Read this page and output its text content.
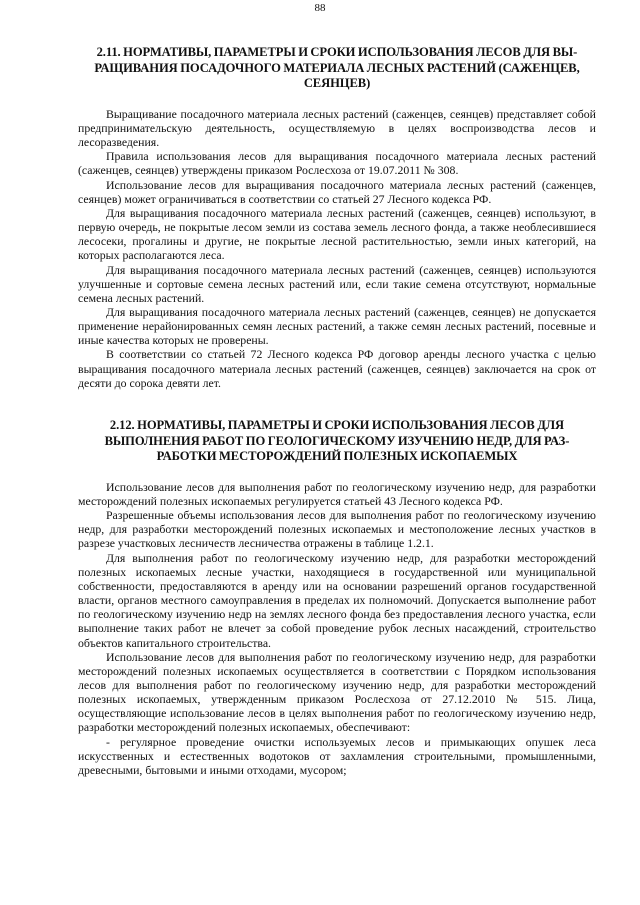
88
2.11. НОРМАТИВЫ, ПАРАМЕТРЫ И СРОКИ ИСПОЛЬЗОВАНИЯ ЛЕСОВ ДЛЯ ВЫРАЩИВАНИЯ ПОСАДОЧНОГО МАТЕРИАЛА ЛЕСНЫХ РАСТЕНИЙ (САЖЕНЦЕВ, СЕЯНЦЕВ)

Выращивание посадочного материала лесных растений (саженцев, сеянцев) представляет собой предпринимательскую деятельность, осуществляемую в целях воспроизводства лесов и лесоразведения.

Правила использования лесов для выращивания посадочного материала лесных растений (саженцев, сеянцев) утверждены приказом Рослесхоза от 19.07.2011 № 308.

Использование лесов для выращивания посадочного материала лесных растений (саженцев, сеянцев) может ограничиваться в соответствии со статьей 27 Лесного кодекса РФ.

Для выращивания посадочного материала лесных растений (саженцев, сеянцев) используют, в первую очередь, не покрытые лесом земли из состава земель лесного фонда, а также необлесившиеся лесосеки, прогалины и другие, не покрытые лесной растительностью, земли иных категорий, на которых располагаются леса.

Для выращивания посадочного материала лесных растений (саженцев, сеянцев) используются улучшенные и сортовые семена лесных растений или, если такие семена отсутствуют, нормальные семена лесных растений.

Для выращивания посадочного материала лесных растений (саженцев, сеянцев) не допускается применение нерайонированных семян лесных растений, а также семян лесных растений, посевные и иные качества которых не проверены.

В соответствии со статьей 72 Лесного кодекса РФ договор аренды лесного участка с целью выращивания посадочного материала лесных растений (саженцев, сеянцев) заключается на срок от десяти до сорока девяти лет.

2.12. НОРМАТИВЫ, ПАРАМЕТРЫ И СРОКИ ИСПОЛЬЗОВАНИЯ ЛЕСОВ ДЛЯ ВЫПОЛНЕНИЯ РАБОТ ПО ГЕОЛОГИЧЕСКОМУ ИЗУЧЕНИЮ НЕДР, ДЛЯ РАЗРАБОТКИ МЕСТОРОЖДЕНИЙ ПОЛЕЗНЫХ ИСКОПАЕМЫХ

Использование лесов для выполнения работ по геологическому изучению недр, для разработки месторождений полезных ископаемых регулируется статьей 43 Лесного кодекса РФ.

Разрешенные объемы использования лесов для выполнения работ по геологическому изучению недр, для разработки месторождений полезных ископаемых и местоположение лесных участков в разрезе участковых лесничеств лесничества отражены в таблице 1.2.1.

Для выполнения работ по геологическому изучению недр, для разработки месторождений полезных ископаемых лесные участки, находящиеся в государственной или муниципальной собственности, предоставляются в аренду или на основании разрешений органов государственной власти, органов местного самоуправления в пределах их полномочий. Допускается выполнение работ по геологическому изучению недр на землях лесного фонда без предоставления лесного участка, если выполнение таких работ не влечет за собой проведение рубок лесных насаждений, строительство объектов капитального строительства.

Использование лесов для выполнения работ по геологическому изучению недр, для разработки месторождений полезных ископаемых осуществляется в соответствии с Порядком использования лесов для выполнения работ по геологическому изучению недр, для разработки месторождений полезных ископаемых, утвержденным приказом Рослесхоза от 27.12.2010 № 515. Лица, осуществляющие использование лесов в целях выполнения работ по геологическому изучению недр, разработки месторождений полезных ископаемых, обеспечивают:

- регулярное проведение очистки используемых лесов и примыкающих опушек леса искусственных и естественных водотоков от захламления строительными, промышленными, древесными, бытовыми и иными отходами, мусором;
